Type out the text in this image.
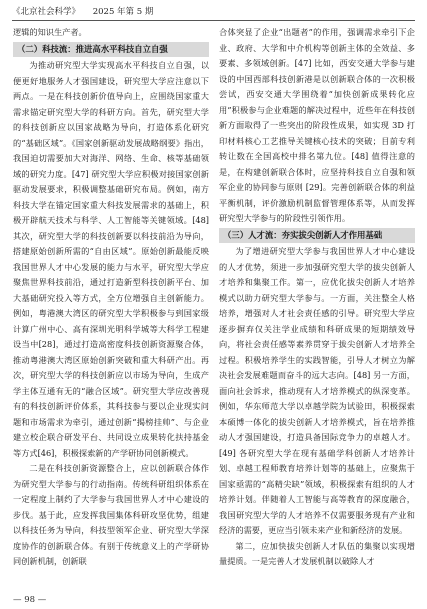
《北京社会科学》 2025 年第 5 期

逻辑的知识生产者。

（二）科技流：推进高水平科技自立自强

为推动研究型大学实现高水平科技自立自强，以便更好地服务人才强国建设，研究型大学应注意以下两点。一是在科技创新价值导向上，应围绕国家重大需求锚定研究型大学的科研方向。首先，研究型大学的科技创新应以国家战略为导向，打造体系化研究的“基础区域”。《国家创新驱动发展战略纲要》指出，我国迫切需要加大对海洋、网络、生命、核等基础领域的研究力度。[47] 研究型大学应积极对接国家创新驱动发展要求，积极调整基础研究布局。例如，南方科技大学在锚定国家重大科技发展需求的基础上，积极开辟航天技术与科学、人工智能等关键领域。[48] 其次，研究型大学的科技创新要以科技前沿为导向，搭建原始创新所需的“自由区域”。原始创新最能反映我国世界人才中心发展的能力与水平，研究型大学应聚焦世界科技前沿，通过打造新型科技创新平台、加大基础研究投入等方式，全方位增强自主创新能力。例如，粤港澳大湾区的研究型大学积极参与到国家级计算广州中心、高有深圳光明科学城等大科学工程建设当中[28]，通过打造高密度科技创新资源聚合体，推动粤港澳大湾区原始创新突破和重大科研产出。再次，研究型大学的科技创新应以市场为导向，生成产学主体互通有无的“融合区域”。研究型大学应改善现有的科技创新评价体系，其科技参与要以企业现实问题和市场需求为牵引，通过创新“揭榜挂帅”、与企业建立校企联合研发平台、共同设立成果转化扶持基金等方式[46]，积极探索新的产学研协同创新模式。

二是在科技创新资源整合上，应以创新联合体作为研究型大学参与的行动指南。传统科研组织体系在一定程度上制约了大学参与我国世界人才中心建设的步伐。基于此，应发挥我国集体科研攻坚优势，组建以科技任务为导向，科技型领军企业、研究型大学深度协作的创新联合体。有别于传统意义上的产学研协同创新机制，创新联

合体突显了企业“出题者”的作用，强调需求牵引下企业、政府、大学和中介机构等创新主体的全效益、多要素、多领域创新。[47] 比如，西安交通大学参与建设的中国西部科技创新港是以创新联合体的一次积极尝试，西安交通大学围绕着“加快创新成果转化应用”积极参与企业难题的解决过程中，近些年在科技创新方面取得了一些突出的阶段性成果，如实现 3D 打印材料核心工艺推导关键核心技术的突破；目前专利转让数在全国高校中排名第九位。[48] 值得注意的是，在构建创新联合体时，应坚持科技自立自强和领军企业的协同参与原则 [29]。完善创新联合体的利益平衡机制，评价激励机制监督管理体系等，从而发挥研究型大学参与的阶段性引领作用。

（三）人才流：夯实拔尖创新人才作用基础

为了增进研究型大学参与我国世界人才中心建设的人才优势，须进一步加强研究型大学的拔尖创新人才培养和集聚工作。第一，应优化拔尖创新人才培养模式以助力研究型大学参与。一方面，关注整全人格培养，增强对人才社会责任感的引导。研究型大学应逐步摒弃仅关注学业成绩和科研成果的短期绩效导向，将社会责任感等素养贯穿于拔尖创新人才培养全过程。积极培养学生的实践智能，引导人才树立为解决社会发展难题而奋斗的远大志向。[48] 另一方面，面向社会诉求，推动现有人才培养模式的纵深变革。例如，华东师范大学以卓越学院为试验田，积极探索本硕博一体化的拔尖创新人才培养模式，旨在培养推动人才强国建设，打造具备国际竞争力的卓越人才。[49] 各研究型大学在现有基础学科创新人才培养计划、卓越工程师教育培养计划等的基础上，应聚焦于国家亟需的“高精尖缺”领域，积极探索有组织的人才培养计划。伴随着人工智能与高等教育的深度融合，我国研究型大学的人才培养不仅需要服务现有产业和经济的需要，更应当引领未来产业和新经济的发展。

第二，应加快拔尖创新人才队伍的集聚以实现增量提质。一是完善人才发展机制以破除人才

— 98 —
